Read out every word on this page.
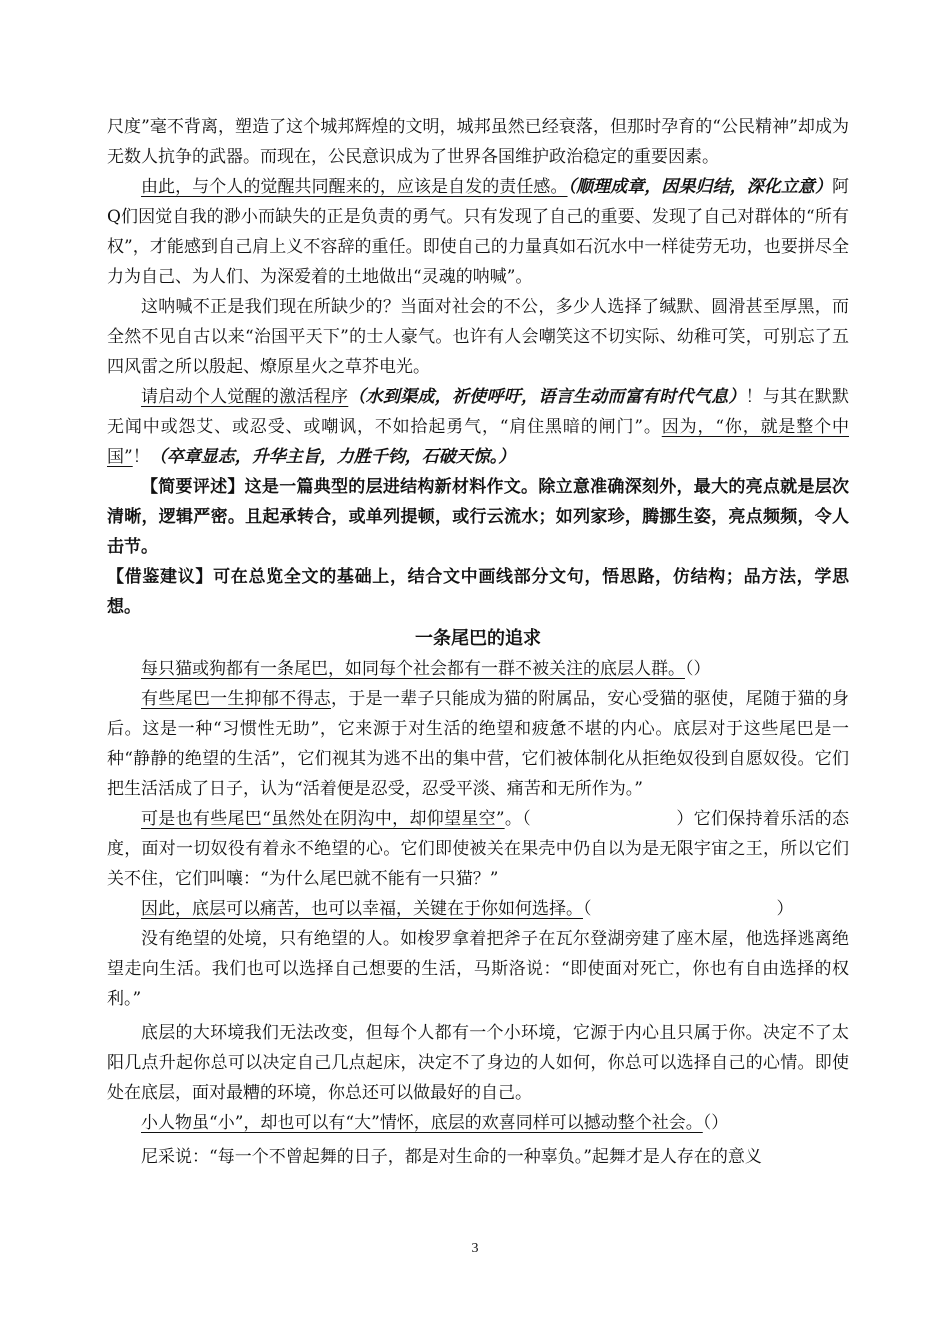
尺度”毫不背离，塑造了这个城邦辉煌的文明，城邦虽然已经衰落，但那时孕育的“公民精神”却成为无数人抗争的武器。而现在，公民意识成为了世界各国维护政治稳定的重要因素。

由此，与个人的觉醒共同醒来的，应该是自发的责任感。（顺理成章，因果归结，深化立意）阿Q们因觉自我的渺小而缺失的正是负责的勇气。只有发现了自己的重要、发现了自己对群体的“所有权”，才能感到自己肩上义不容辞的重任。即使自己的力量真如石沉水中一样徒劳无功，也要拼尽全力为自己、为人们、为深爱着的土地做出“灵魂的呐喊”。

这呐喊不正是我们现在所缺少的？当面对社会的不公，多少人选择了缄默、圆滑甚至厚黑，而全然不见自古以来“治国平天下”的士人豪气。也许有人会嘲笑这不切实际、幼稚可笑，可别忘了五四风雷之所以殷起、燎原星火之草芥电光。

请启动个人觉醒的激活程序（水到渠成，祈使呼吁，语言生动而富有时代气息）！与其在默默无闻中或怨艾、或忍受、或嘲讽，不如拾起勇气，“肩住黑暗的闸门”。因为，“你，就是整个中国”！（卒章显志，升华主旨，力胜千钧，石破天惊。）

【简要评述】这是一篇典型的层进结构新材料作文。除立意准确深刻外，最大的亮点就是层次清晰，逻辑严密。且起承转合，或单列提顿，或行云流水；如列家珍，腾挪生姿，亮点频频，令人击节。

【借鉴建议】可在总览全文的基础上，结合文中画线部分文句，悟思路，仿结构；品方法，学思想。

一条尾巴的追求

每只猫或狗都有一条尾巴，如同每个社会都有一群不被关注的底层人群。（）

有些尾巴一生抑郁不得志，于是一辈子只能成为猫的附属品，安心受猫的驱使，尾随于猫的身后。这是一种“习惯性无助”，它来源于对生活的绝望和疲惫不堪的内心。底层对于这些尾巴是一种“静静的绝望的生活”，它们视其为逃不出的集中营，它们被体制化从拒绝奴役到自愿奴役。它们把生活活成了日子，认为“活着便是忍受，忍受平淡、痛苦和无所作为。”

可是也有些尾巴“虽然处在阴沟中，却仰望星空”。（	）它们保持着乐活的态度，面对一切奴役有着永不绝望的心。它们即使被关在果壳中仍自以为是无限宇宙之王，所以它们关不住，它们叫嚷：“为什么尾巴就不能有一只猫？”

因此，底层可以痛苦，也可以幸福，关键在于你如何选择。（	）

没有绝望的处境，只有绝望的人。如梭罗拿着把斧子在瓦尔登湖旁建了座木屋，他选择逃离绝望走向生活。我们也可以选择自己想要的生活，马斯洛说：“即使面对死亡，你也有自由选择的权利。”

底层的大环境我们无法改变，但每个人都有一个小环境，它源于内心且只属于你。决定不了太阳几点升起你总可以决定自己几点起床，决定不了身边的人如何，你总可以选择自己的心情。即使处在底层，面对最糟的环境，你总还可以做最好的自己。

小人物虽“小”，却也可以有“大”情怀，底层的欢喜同样可以撼动整个社会。（）

尼采说：“每一个不曾起舞的日子，都是对生命的一种辜负。”起舞才是人存在的意义

3
